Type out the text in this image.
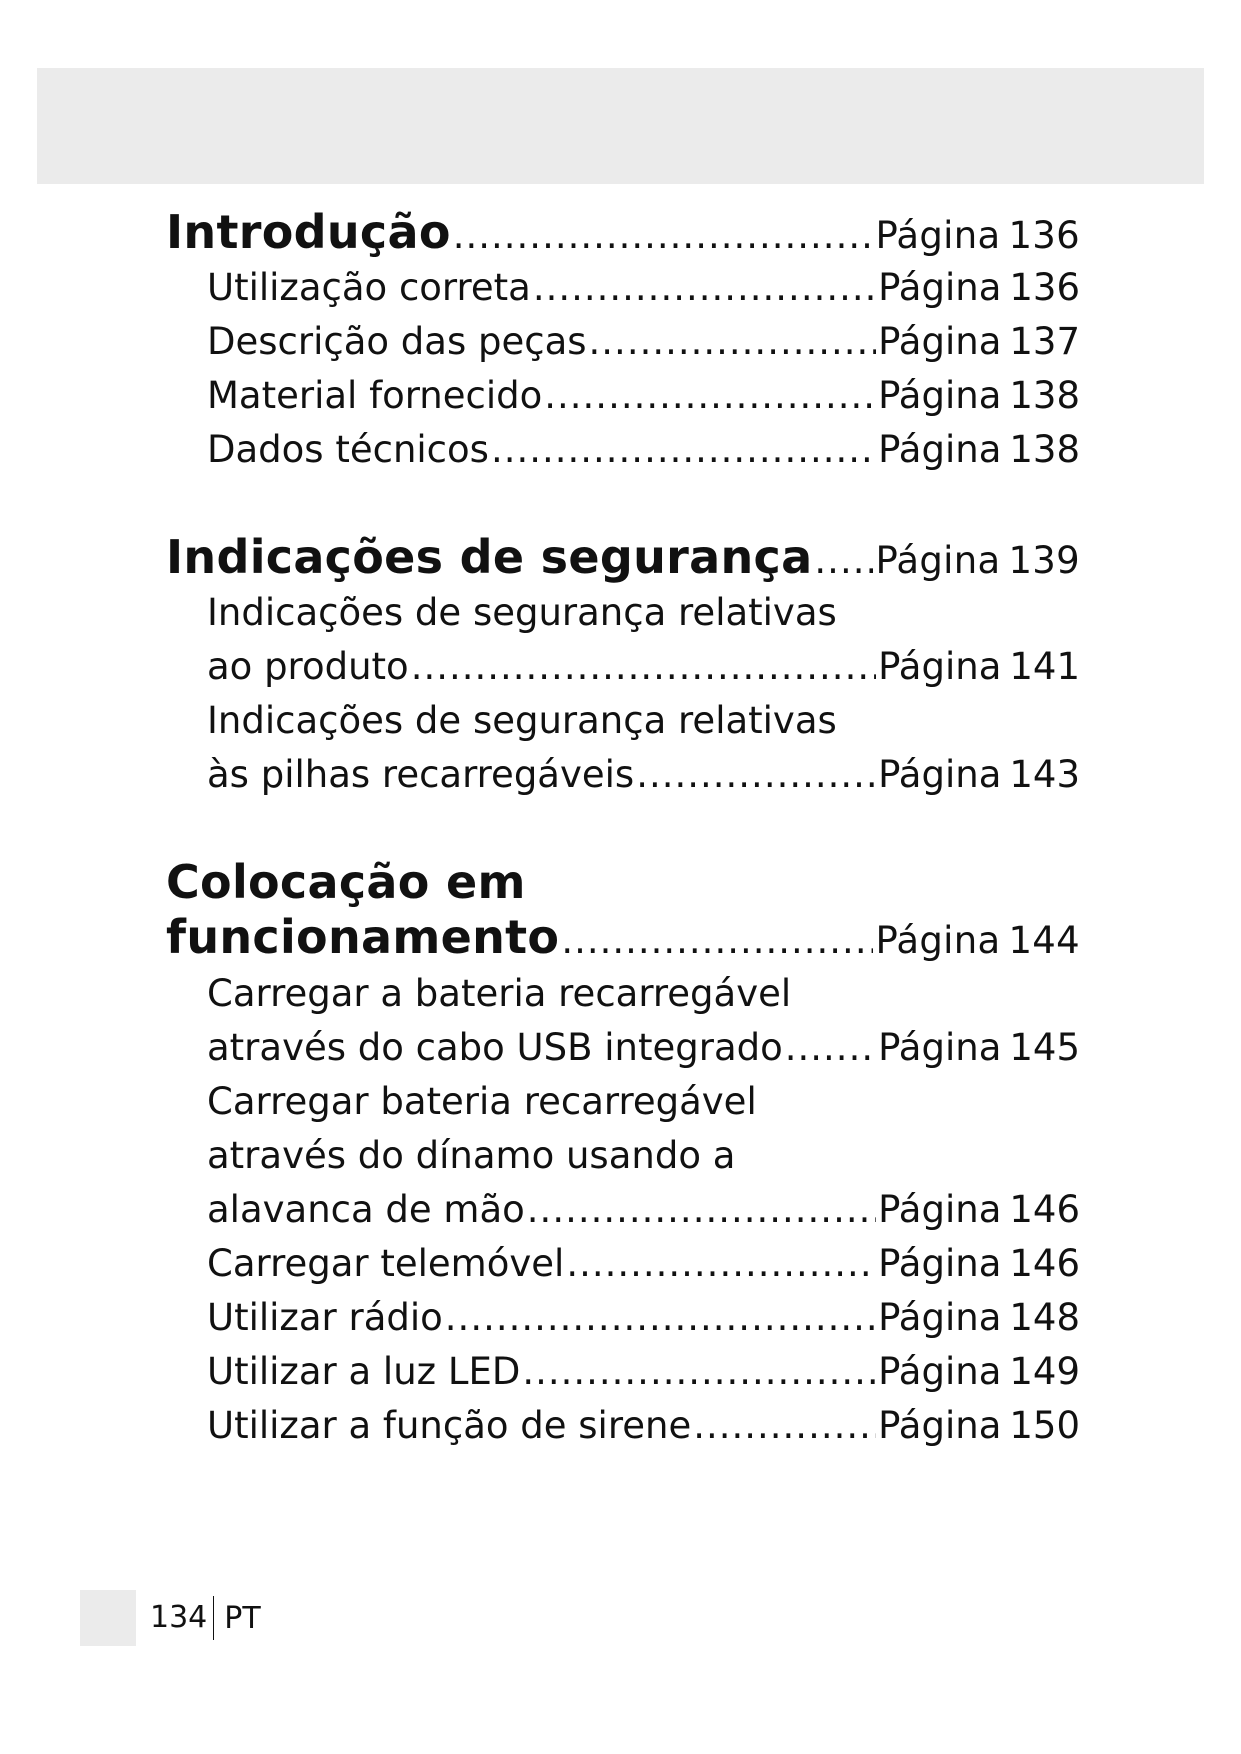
Introdução .....	Página 136
Utilização correta .....	Página 136
Descrição das peças .....	Página 137
Material fornecido .....	Página 138
Dados técnicos .....	Página 138
Indicações de segurança ..... Página 139
Indicações de segurança relativas
ao produto .....	Página 141
Indicações de segurança relativas
às pilhas recarregáveis .....	Página 143
Colocação em
funcionamento .....	Página 144
Carregar a bateria recarregável
através do cabo USB integrado .....	Página 145
Carregar bateria recarregável
através do dínamo usando a
alavanca de mão .....	Página 146
Carregar telemóvel .....	Página 146
Utilizar rádio .....	Página 148
Utilizar a luz LED .....	Página 149
Utilizar a função de sirene .....	Página 150
134 PT
